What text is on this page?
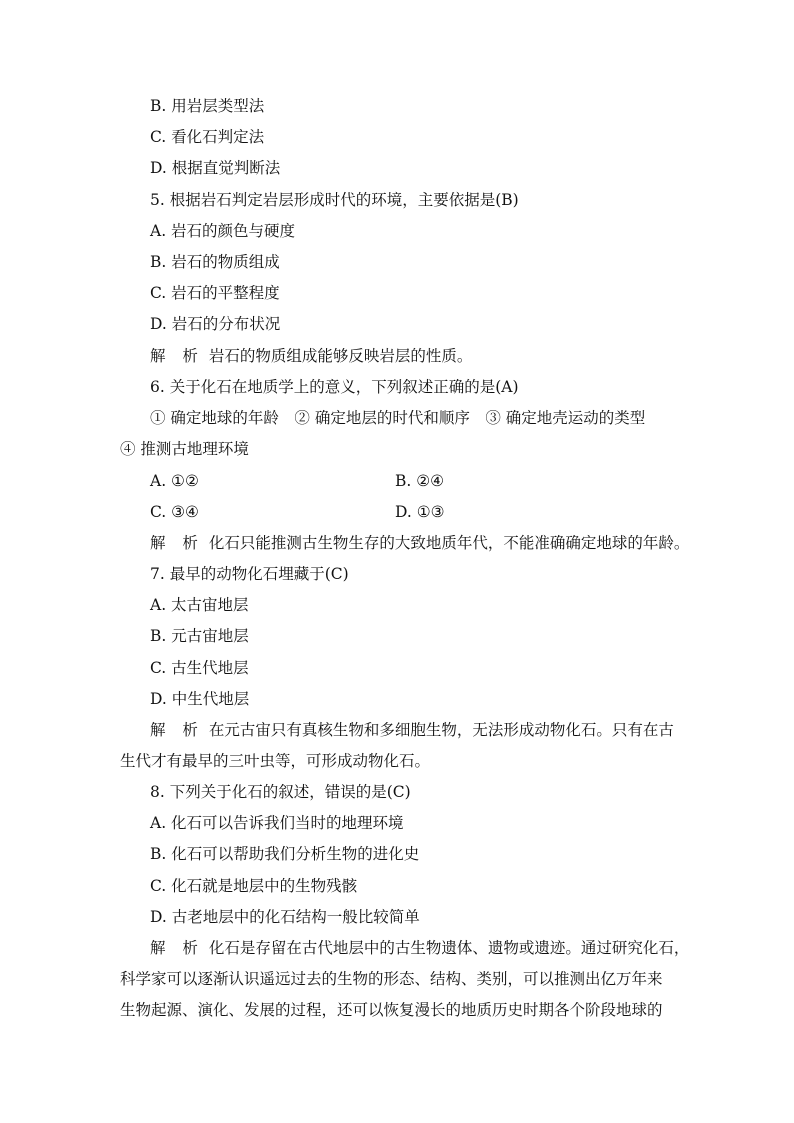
B. 用岩层类型法
C. 看化石判定法
D. 根据直觉判断法
5. 根据岩石判定岩层形成时代的环境，主要依据是(B)
A. 岩石的颜色与硬度
B. 岩石的物质组成
C. 岩石的平整程度
D. 岩石的分布状况
解 析 岩石的物质组成能够反映岩层的性质。
6. 关于化石在地质学上的意义，下列叙述正确的是(A)
① 确定地球的年龄　② 确定地层的时代和顺序　③ 确定地壳运动的类型
④ 推测古地理环境
A. ①②	B. ②④
C. ③④	D. ①③
解 析 化石只能推测古生物生存的大致地质年代，不能准确确定地球的年龄。
7. 最早的动物化石埋藏于(C)
A. 太古宙地层
B. 元古宙地层
C. 古生代地层
D. 中生代地层
解 析 在元古宙只有真核生物和多细胞生物，无法形成动物化石。只有在古
生代才有最早的三叶虫等，可形成动物化石。
8. 下列关于化石的叙述，错误的是(C)
A. 化石可以告诉我们当时的地理环境
B. 化石可以帮助我们分析生物的进化史
C. 化石就是地层中的生物残骸
D. 古老地层中的化石结构一般比较简单
解 析 化石是存留在古代地层中的古生物遗体、遗物或遗迹。通过研究化石，
科学家可以逐渐认识遥远过去的生物的形态、结构、类别，可以推测出亿万年来
生物起源、演化、发展的过程，还可以恢复漫长的地质历史时期各个阶段地球的
